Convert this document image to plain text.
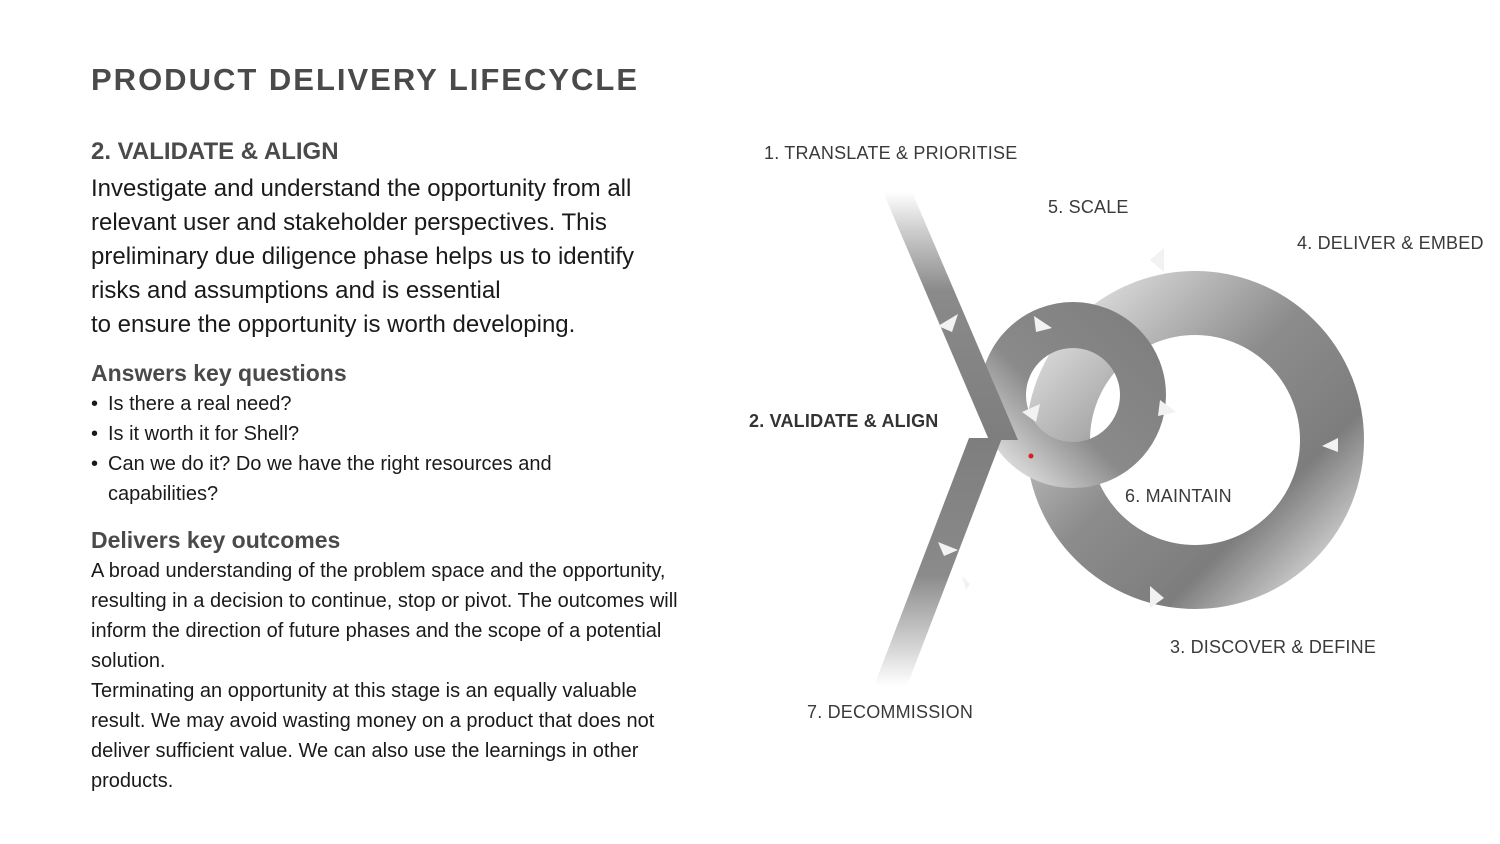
PRODUCT DELIVERY LIFECYCLE
2. VALIDATE & ALIGN

Investigate and understand the opportunity from all
relevant user and stakeholder perspectives. This
preliminary due diligence phase helps us to identify
risks and assumptions and is essential
to ensure the opportunity is worth developing.

Answers key questions
• Is there a real need?
• Is it worth it for Shell?
• Can we do it? Do we have the right resources and capabilities?
Delivers key outcomes

A broad understanding of the problem space and the opportunity, resulting in a decision to continue, stop or pivot. The outcomes will inform the direction of future phases and the scope of a potential solution.

Terminating an opportunity at this stage is an equally valuable result. We may avoid wasting money on a product that does not deliver sufficient value. We can also use the learnings in other products.

1. TRANSLATE & PRIORITISE
5. SCALE
4. DELIVER & EMBED
2. VALIDATE & ALIGN
6. MAINTAIN
3. DISCOVER & DEFINE
7. DECOMMISSION
